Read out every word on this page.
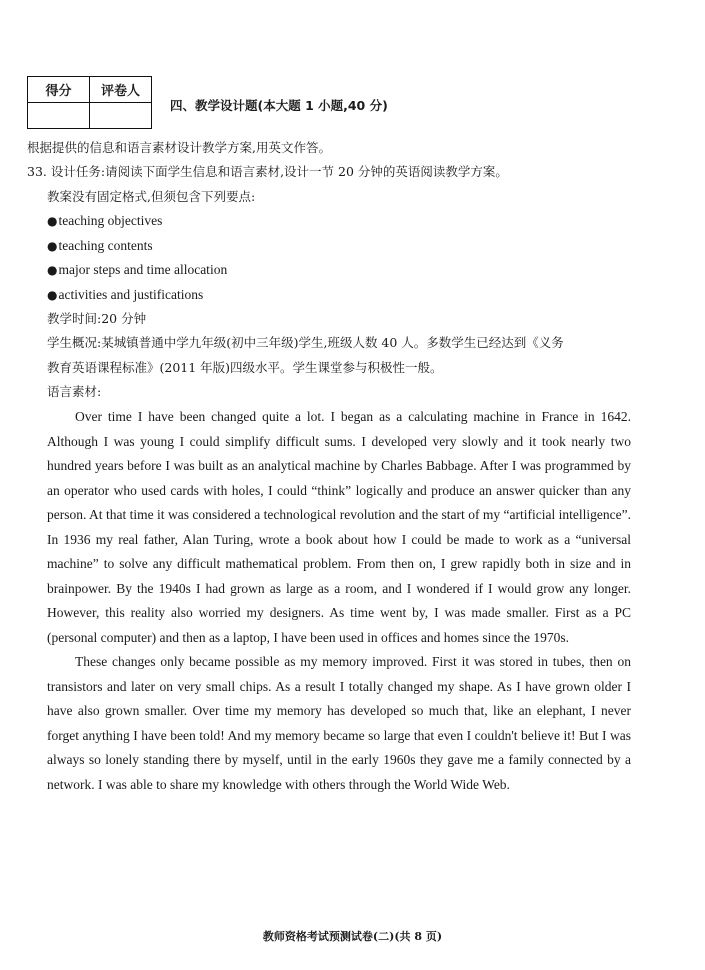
得分	评卷人

四、教学设计题(本大题 1 小题,40 分)
根据提供的信息和语言素材设计教学方案,用英文作答。
33. 设计任务:请阅读下面学生信息和语言素材,设计一节 20 分钟的英语阅读教学方案。
教案没有固定格式,但须包含下列要点:
●teaching objectives
●teaching contents
●major steps and time allocation
●activities and justifications
教学时间:20 分钟
学生概况:某城镇普通中学九年级(初中三年级)学生,班级人数 40 人。多数学生已经达到《义务
教育英语课程标准》(2011 年版)四级水平。学生课堂参与积极性一般。
语言素材:

Over time I have been changed quite a lot. I began as a calculating machine in France in 1642. Although I was young I could simplify difficult sums. I developed very slowly and it took nearly two hundred years before I was built as an analytical machine by Charles Babbage. After I was programmed by an operator who used cards with holes, I could “think” logically and produce an answer quicker than any person. At that time it was considered a technological revolution and the start of my “artificial intelligence”. In 1936 my real father, Alan Turing, wrote a book about how I could be made to work as a “universal machine” to solve any difficult mathematical problem. From then on, I grew rapidly both in size and in brainpower. By the 1940s I had grown as large as a room, and I wondered if I would grow any longer. However, this reality also worried my designers. As time went by, I was made smaller. First as a PC (personal computer) and then as a laptop, I have been used in offices and homes since the 1970s.

These changes only became possible as my memory improved. First it was stored in tubes, then on transistors and later on very small chips. As a result I totally changed my shape. As I have grown older I have also grown smaller. Over time my memory has developed so much that, like an elephant, I never forget anything I have been told! And my memory became so large that even I couldn't believe it! But I was always so lonely standing there by myself, until in the early 1960s they gave me a family connected by a network. I was able to share my knowledge with others through the World Wide Web.

教师资格考试预测试卷(二)(共 8 页)
